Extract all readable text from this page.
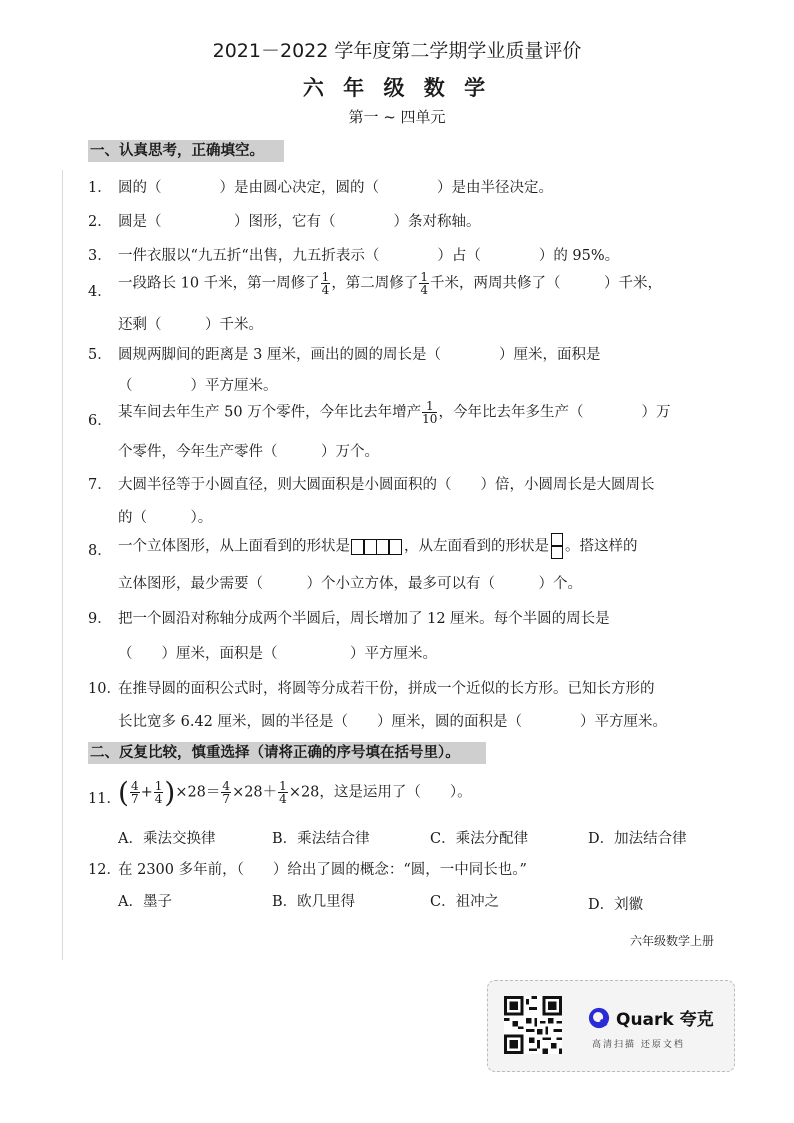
2021－2022 学年度第二学期学业质量评价
六 年 级 数 学
第一 ~ 四单元
一、认真思考，正确填空。
1． 圆的（　　　　）是由圆心决定，圆的（　　　　）是由半径决定。
2． 圆是（　　　　　）图形，它有（　　　　）条对称轴。
3． 一件衣服以“九五折“出售，九五折表示（　　　　）占（　　　　）的 95%。
4．
一段路长 10 千米，第一周修了 $\frac{1}{4}$ ，第二周修了 $\frac{1}{4}$ 千米，两周共修了（　　　）千米，
还剩（　　　）千米。
5． 圆规两脚间的距离是 3 厘米，画出的圆的周长是（　　　　）厘米，面积是
（　　　　）平方厘米。
6．
某车间去年生产 50 万个零件，今年比去年增产 $\frac{1}{10}$ ，今年比去年多生产（　　　　）万
个零件，今年生产零件（　　　）万个。
7． 大圆半径等于小圆直径，则大圆面积是小圆面积的（　　）倍，小圆周长是大圆周长
的（　　　）。
8． 一个立体图形，从上面看到的形状是	，从左面看到的形状是 。搭这样的
立体图形，最少需要（　　　）个小立方体，最多可以有（　　　）个。
9． 把一个圆沿对称轴分成两个半圆后，周长增加了 12 厘米。每个半圆的周长是
（　　）厘米，面积是（　　　　　）平方厘米。
10．
在推导圆的面积公式时，将圆等分成若干份，拼成一个近似的长方形。已知长方形的
长比宽多 6.42 厘米，圆的半径是（　　）厘米，圆的面积是（　　　　）平方厘米。
二、反复比较，慎重选择（请将正确的序号填在括号里）。
11．
( $\frac{4}{7} + \frac{1}{4} )\times 28= \frac{4}{7} \times 28+ \frac{1}{4} \times 28$，这是运用了（　　）。
A．乘法交换律	B．乘法结合律	C．乘法分配律	D．加法结合律
12．
在 2300 多年前，（　　）给出了圆的概念：“圆，一中同长也。”
A．墨子	B．欧几里得	C．祖冲之	D．刘徽
六年级数学上册
Quark 夸克
高清扫描 还原文档
